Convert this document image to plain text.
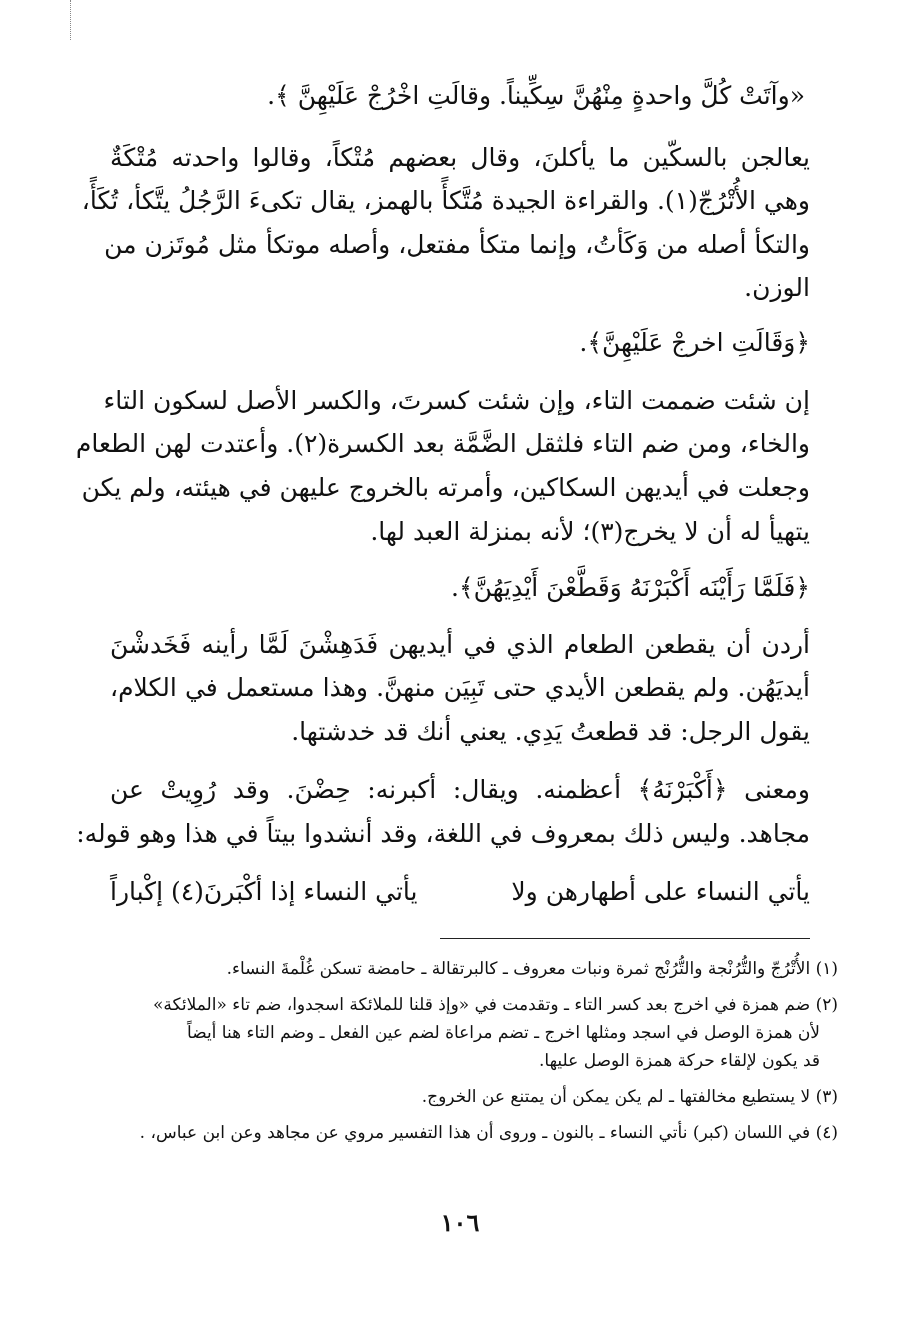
«وآتَتْ كُلَّ واحدةٍ مِنْهُنَّ سِكِّيناً. وقالَتِ اخْرُجْ عَلَيْهِنَّ ﴾.
يعالجن بالسكّين ما يأكلنَ، وقال بعضهم مُتْكاً، وقالوا واحدته مُتْكَةٌ
وهي الأُتْرُجّ(١). والقراءة الجيدة مُتَّكأً بالهمز، يقال تكىءَ الرَّجُلُ يتَّكأ، تُكَأً،
والتكأ أصله من وَكَأتُ، وإنما متكأ مفتعل، وأصله موتكأ مثل مُوتَزن من
الوزن.
﴿وَقَالَتِ اخرجْ عَلَيْهِنَّ﴾.
إن شئت ضممت التاء، وإن شئت كسرتَ، والكسر الأصل لسكون التاء
والخاء، ومن ضم التاء فلثقل الضَّمَّة بعد الكسرة(٢). وأعتدت لهن الطعام
وجعلت في أيديهن السكاكين، وأمرته بالخروج عليهن في هيئته، ولم يكن
يتهيأ له أن لا يخرج(٣)؛ لأنه بمنزلة العبد لها.
﴿فَلَمَّا رَأَيْنَه أَكْبَرْنَهُ وَقَطَّعْنَ أَيْدِيَهُنَّ﴾.
أردن أن يقطعن الطعام الذي في أيديهن فَدَهِشْنَ لَمَّا رأينه فَخَدشْنَ
أيديَهُن. ولم يقطعن الأيدي حتى تَبِيَن منهنَّ. وهذا مستعمل في الكلام،
يقول الرجل: قد قطعتُ يَدِي. يعني أنك قد خدشتها.
ومعنى ﴿أَكْبَرْنَهُ﴾ أعظمنه. ويقال: أكبرنه: حِضْنَ. وقد رُوِيتْ عن
مجاهد. وليس ذلك بمعروف في اللغة، وقد أنشدوا بيتاً في هذا وهو قوله:
يأتي النساء على أطهارهن ولا
يأتي النساء إذا أكْبَرنَ(٤) إكْباراً
(١) الأُتْرُجّ والتُّرُنْجة والتُّرُنْج ثمرة ونبات معروف ـ كالبرتقالة ـ حامضة تسكن غُلْمةَ النساء.
(٢) ضم همزة في اخرج بعد كسر التاء ـ وتقدمت في «وإذ قلنا للملائكة اسجدوا، ضم تاء «الملائكة»
لأن همزة الوصل في اسجد ومثلها اخرج ـ تضم مراعاة لضم عين الفعل ـ وضم التاء هنا أيضاً
قد يكون لإلقاء حركة همزة الوصل عليها.
(٣) لا يستطيع مخالفتها ـ لم يكن يمكن أن يمتنع عن الخروج.
(٤) في اللسان (كبر) نأتي النساء ـ بالنون ـ وروى أن هذا التفسير مروي عن مجاهد وعن ابن عباس، .
١٠٦
